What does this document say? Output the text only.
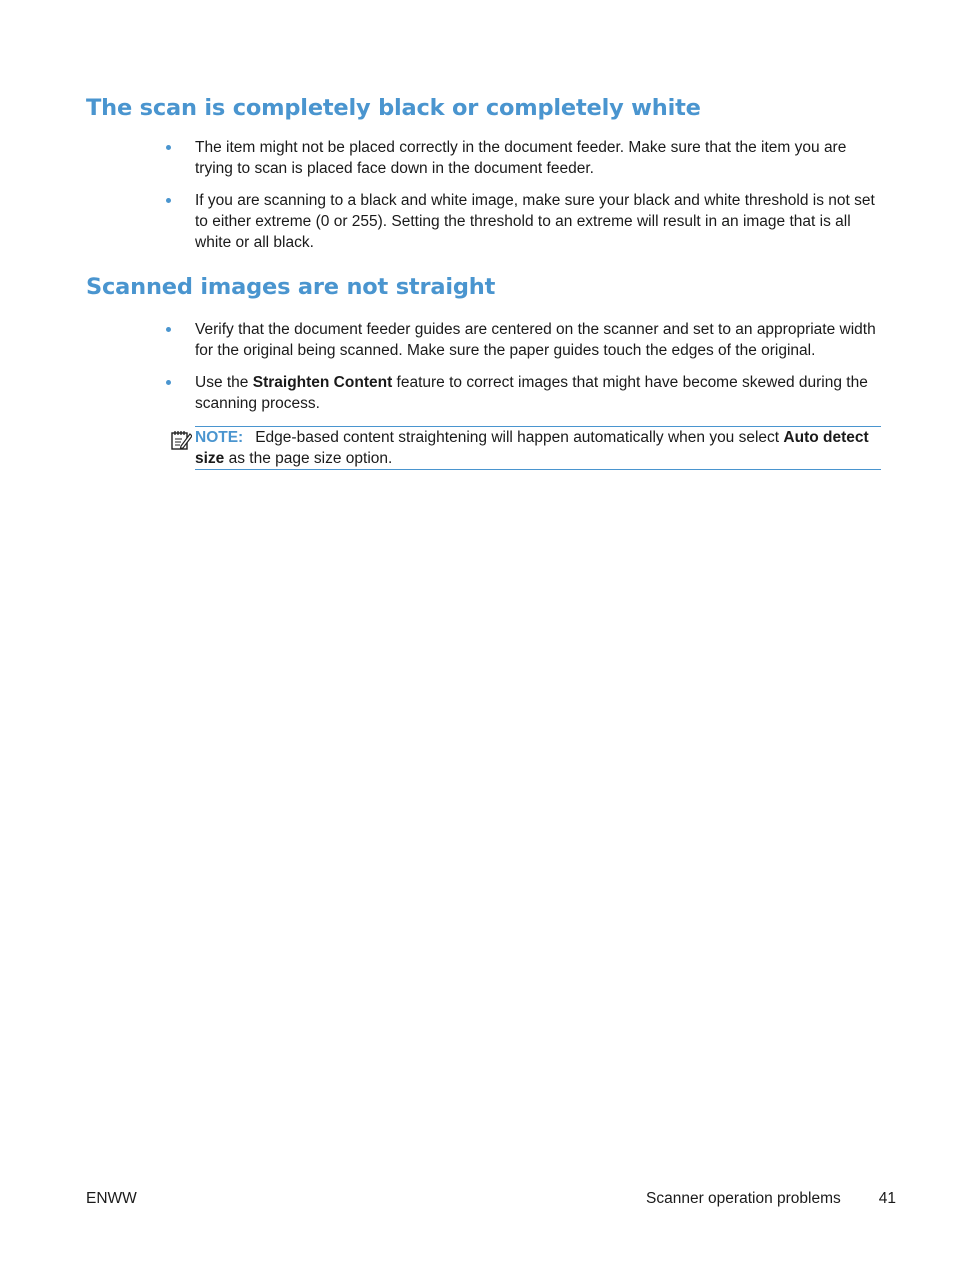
The scan is completely black or completely white
The item might not be placed correctly in the document feeder. Make sure that the item you are trying to scan is placed face down in the document feeder.
If you are scanning to a black and white image, make sure your black and white threshold is not set to either extreme (0 or 255). Setting the threshold to an extreme will result in an image that is all white or all black.
Scanned images are not straight
Verify that the document feeder guides are centered on the scanner and set to an appropriate width for the original being scanned. Make sure the paper guides touch the edges of the original.
Use the Straighten Content feature to correct images that might have become skewed during the scanning process.

NOTE: Edge-based content straightening will happen automatically when you select Auto detect size as the page size option.

ENWW	Scanner operation problems 41
